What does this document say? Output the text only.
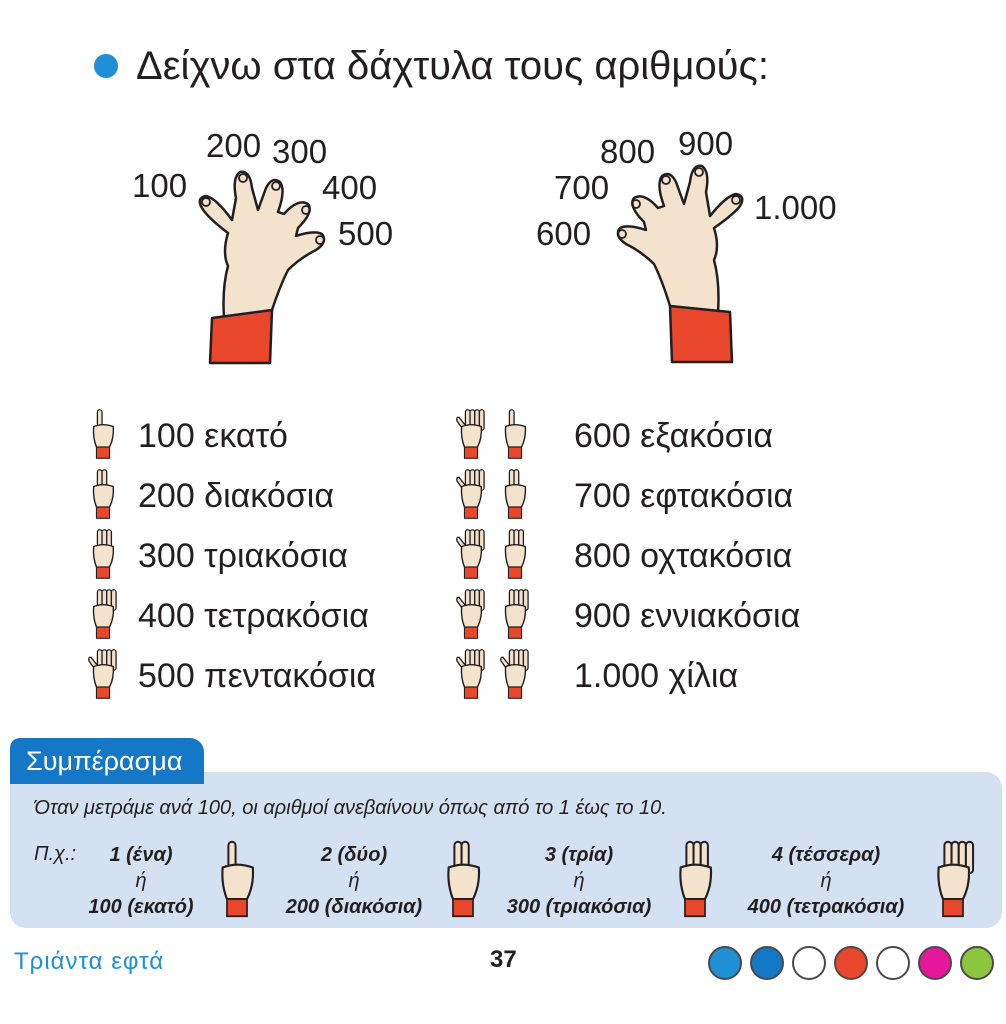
Δείχνω στα δάχτυλα τους αριθμούς:
100
200 300
400
500
800 900
700
600
1.000
100 εκατό
200 διακόσια
300 τριακόσια
400 τετρακόσια
500 πεντακόσια
600 εξακόσια
700 εφτακόσια
800 οχτακόσια
900 εννιακόσια
1.000 χίλια
Συμπέρασμα
Όταν μετράμε ανά 100, οι αριθμοί ανεβαίνουν όπως από το 1 έως το 10.
Π.χ.:	1 (ένα)
ή
100 (εκατό)
2 (δύο)
ή
200 (διακόσια)
3 (τρία)
ή
300 (τριακόσια)
4 (τέσσερα)
ή
400 (τετρακόσια)
Τριάντα εφτά	37
